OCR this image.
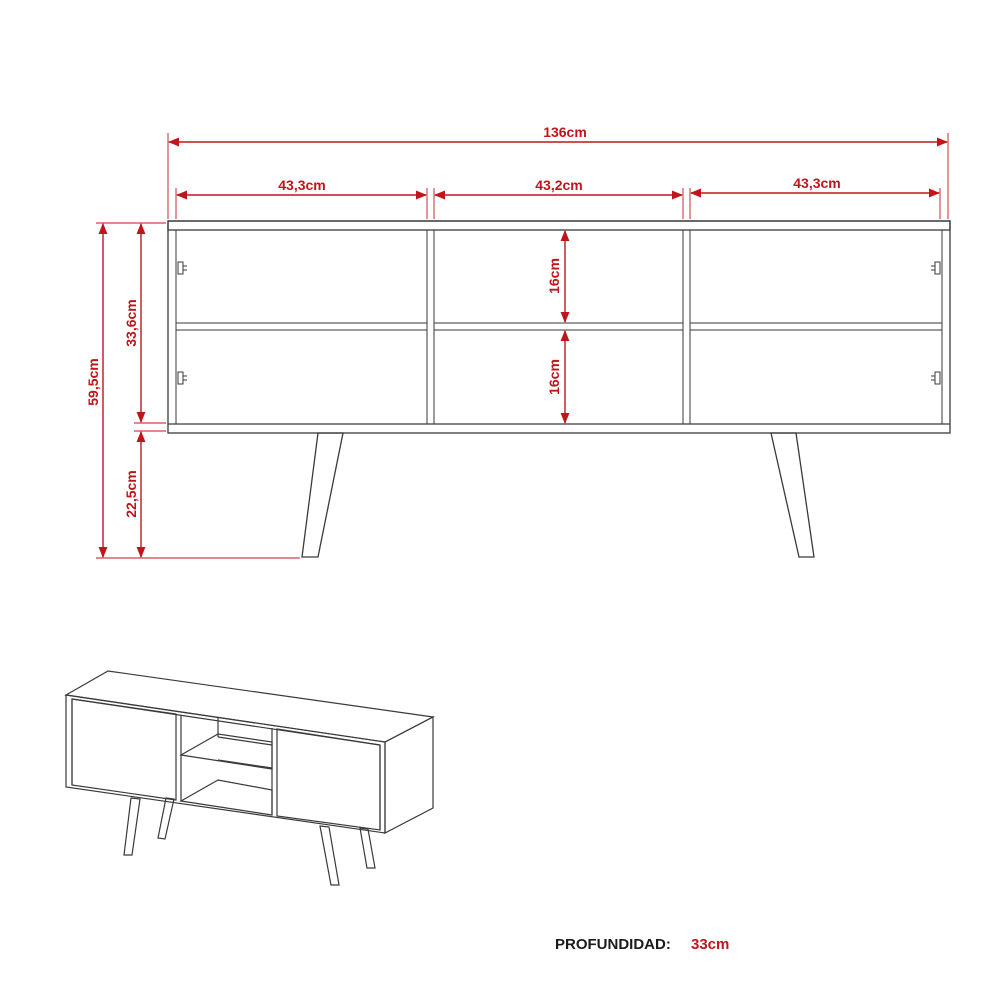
136cm
43,3cm	43,2cm	43,3cm
59,5cm
33,6cm
22,5cm
16cm
16cm
PROFUNDIDAD: 33cm
